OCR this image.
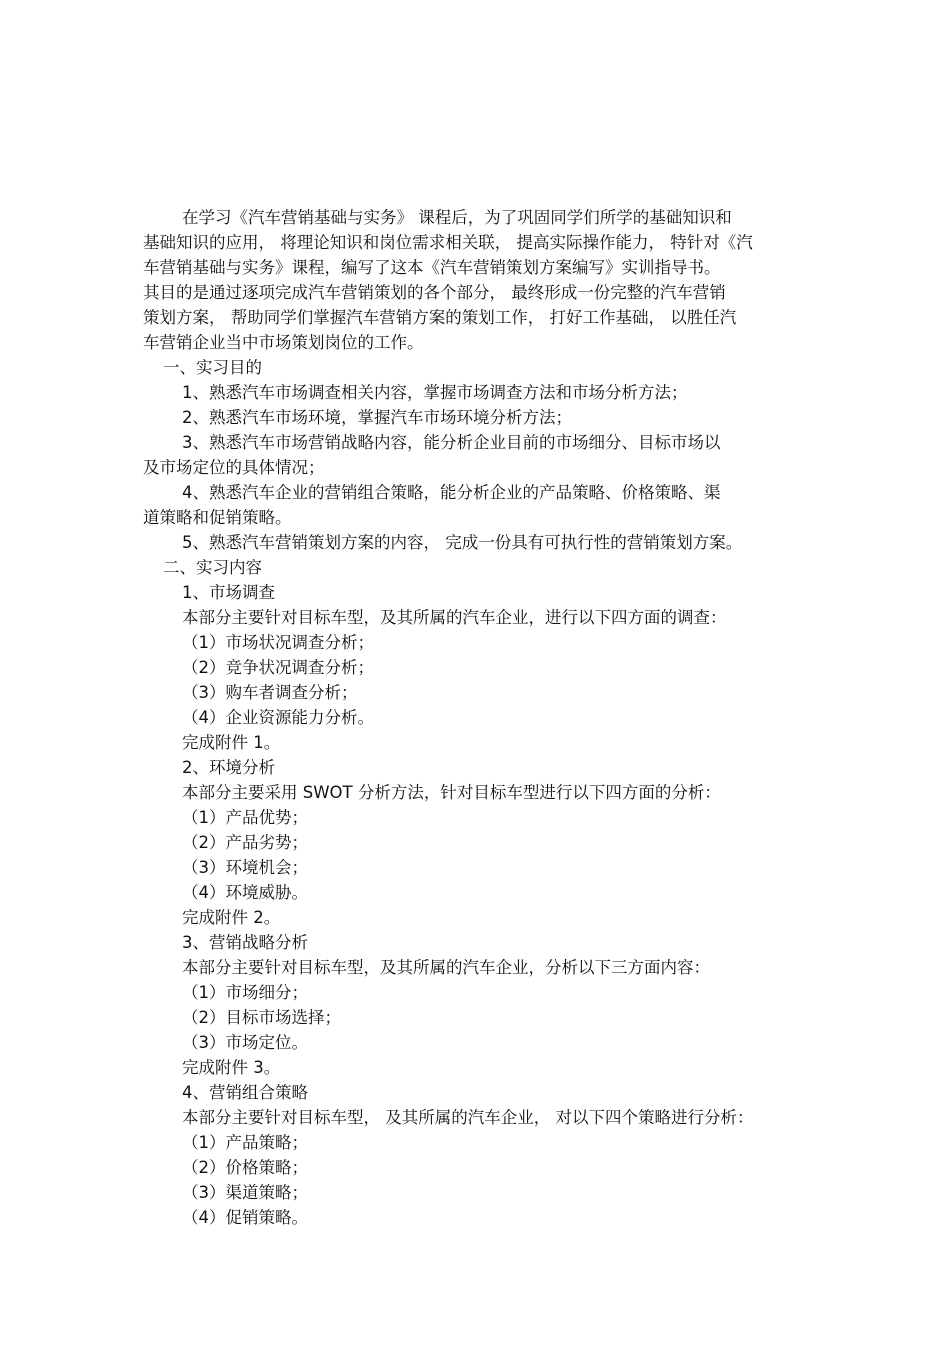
在学习《汽车营销基础与实务》 课程后，为了巩固同学们所学的基础知识和
基础知识的应用， 将理论知识和岗位需求相关联， 提高实际操作能力， 特针对《汽
车营销基础与实务》课程，编写了这本《汽车营销策划方案编写》实训指导书。
其目的是通过逐项完成汽车营销策划的各个部分， 最终形成一份完整的汽车营销
策划方案， 帮助同学们掌握汽车营销方案的策划工作， 打好工作基础， 以胜任汽
车营销企业当中市场策划岗位的工作。
一、实习目的
1、熟悉汽车市场调查相关内容，掌握市场调查方法和市场分析方法；
2、熟悉汽车市场环境，掌握汽车市场环境分析方法；
3、熟悉汽车市场营销战略内容，能分析企业目前的市场细分、目标市场以
及市场定位的具体情况；
4、熟悉汽车企业的营销组合策略，能分析企业的产品策略、价格策略、渠
道策略和促销策略。
5、熟悉汽车营销策划方案的内容， 完成一份具有可执行性的营销策划方案。
二、实习内容
1、市场调查
本部分主要针对目标车型，及其所属的汽车企业，进行以下四方面的调查：
（1）市场状况调查分析；
（2）竞争状况调查分析；
（3）购车者调查分析；
（4）企业资源能力分析。
完成附件 1。
2、环境分析
本部分主要采用 SWOT 分析方法，针对目标车型进行以下四方面的分析：
（1）产品优势；
（2）产品劣势；
（3）环境机会；
（4）环境威胁。
完成附件 2。
3、营销战略分析
本部分主要针对目标车型，及其所属的汽车企业，分析以下三方面内容：
（1）市场细分；
（2）目标市场选择；
（3）市场定位。
完成附件 3。
4、营销组合策略
本部分主要针对目标车型， 及其所属的汽车企业， 对以下四个策略进行分析：
（1）产品策略；
（2）价格策略；
（3）渠道策略；
（4）促销策略。
